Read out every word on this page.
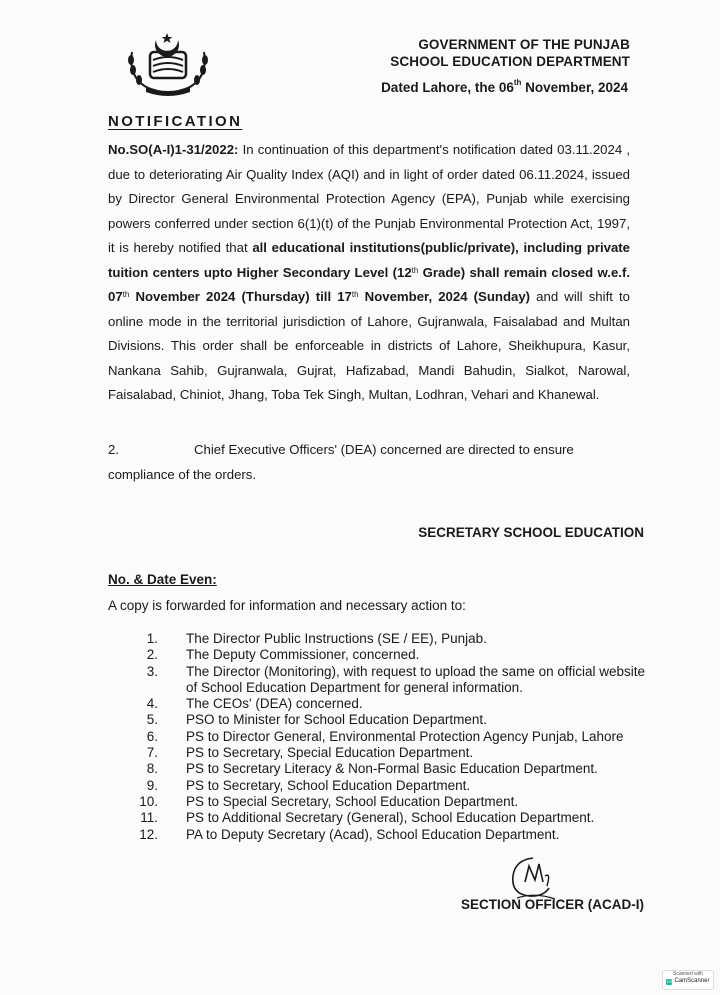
GOVERNMENT OF THE PUNJAB
SCHOOL EDUCATION DEPARTMENT
Dated Lahore, the 06th November, 2024
NOTIFICATION
No.SO(A-I)1-31/2022: In continuation of this department's notification dated 03.11.2024 , due to deteriorating Air Quality Index (AQI) and in light of order dated 06.11.2024, issued by Director General Environmental Protection Agency (EPA), Punjab while exercising powers conferred under section 6(1)(t) of the Punjab Environmental Protection Act, 1997, it is hereby notified that all educational institutions(public/private), including private tuition centers upto Higher Secondary Level (12th Grade) shall remain closed w.e.f. 07th November 2024 (Thursday) till 17th November, 2024 (Sunday) and will shift to online mode in the territorial jurisdiction of Lahore, Gujranwala, Faisalabad and Multan Divisions. This order shall be enforceable in districts of Lahore, Sheikhupura, Kasur, Nankana Sahib, Gujranwala, Gujrat, Hafizabad, Mandi Bahudin, Sialkot, Narowal, Faisalabad, Chiniot, Jhang, Toba Tek Singh, Multan, Lodhran, Vehari and Khanewal.
2.	Chief Executive Officers' (DEA) concerned are directed to ensure compliance of the orders.
SECRETARY SCHOOL EDUCATION
No. & Date Even:
A copy is forwarded for information and necessary action to:
1.	The Director Public Instructions (SE / EE), Punjab.
2.	The Deputy Commissioner, concerned.
3.	The Director (Monitoring), with request to upload the same on official website of School Education Department for general information.
4.	The CEOs' (DEA) concerned.
5.	PSO to Minister for School Education Department.
6.	PS to Director General, Environmental Protection Agency Punjab, Lahore
7.	PS to Secretary, Special Education Department.
8.	PS to Secretary Literacy & Non-Formal Basic Education Department.
9.	PS to Secretary, School Education Department.
10.	PS to Special Secretary, School Education Department.
11.	PS to Additional Secretary (General), School Education Department.
12.	PA to Deputy Secretary (Acad), School Education Department.
SECTION OFFICER (ACAD-I)
Scanned with
CS CamScanner
